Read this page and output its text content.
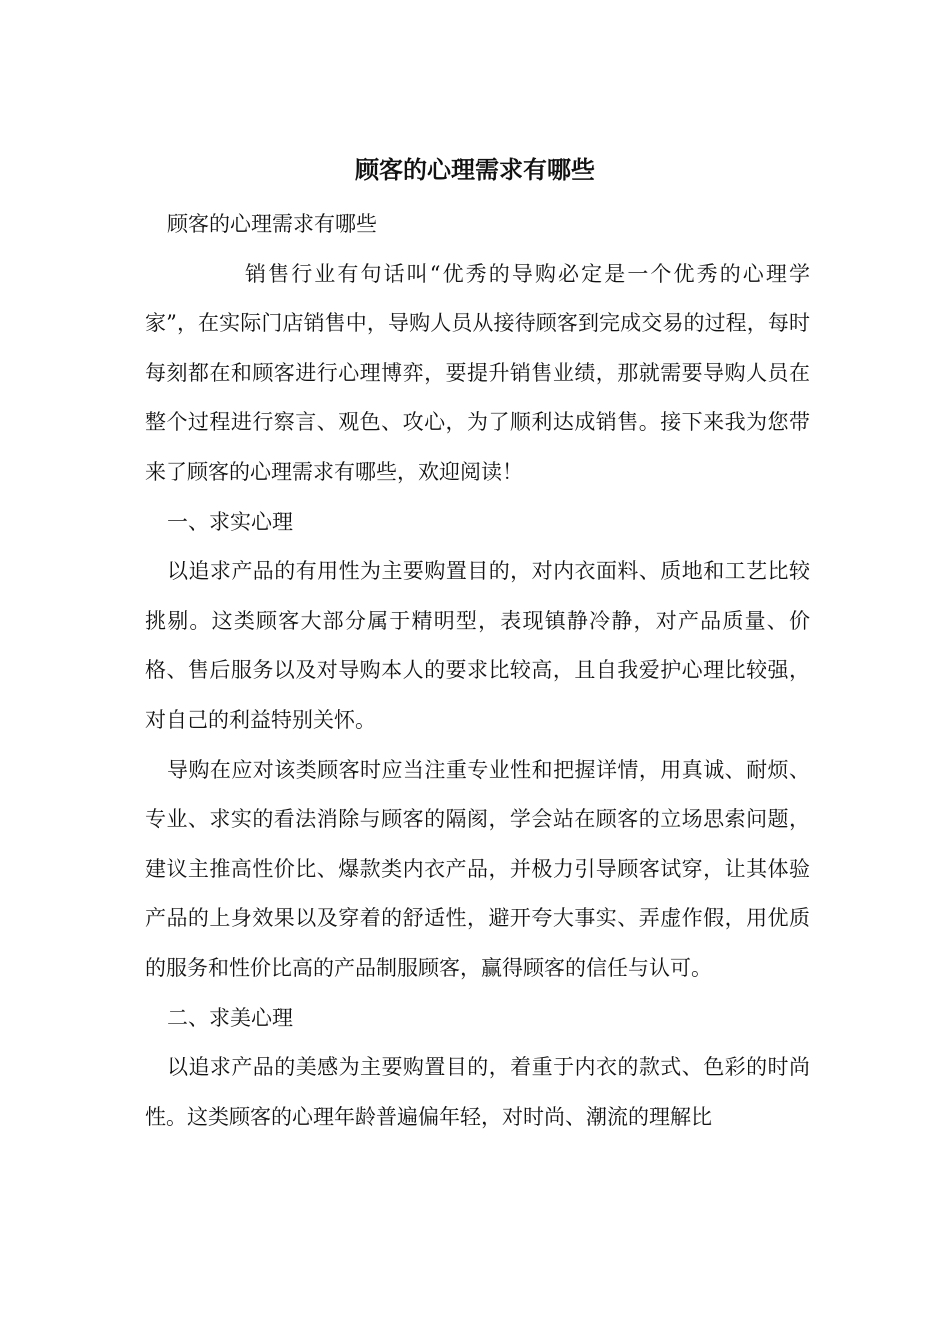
顾客的心理需求有哪些

顾客的心理需求有哪些

销售行业有句话叫“优秀的导购必定是一个优秀的心理学家”，在实际门店销售中，导购人员从接待顾客到完成交易的过程，每时每刻都在和顾客进行心理博弈，要提升销售业绩，那就需要导购人员在整个过程进行察言、观色、攻心，为了顺利达成销售。接下来我为您带来了顾客的心理需求有哪些，欢迎阅读！

一、求实心理

以追求产品的有用性为主要购置目的，对内衣面料、质地和工艺比较挑剔。这类顾客大部分属于精明型，表现镇静冷静，对产品质量、价格、售后服务以及对导购本人的要求比较高，且自我爱护心理比较强，对自己的利益特别关怀。

导购在应对该类顾客时应当注重专业性和把握详情，用真诚、耐烦、专业、求实的看法消除与顾客的隔阂，学会站在顾客的立场思索问题，建议主推高性价比、爆款类内衣产品，并极力引导顾客试穿，让其体验产品的上身效果以及穿着的舒适性，避开夸大事实、弄虚作假，用优质的服务和性价比高的产品制服顾客，赢得顾客的信任与认可。

二、求美心理

以追求产品的美感为主要购置目的，着重于内衣的款式、色彩的时尚性。这类顾客的心理年龄普遍偏年轻，对时尚、潮流的理解比
